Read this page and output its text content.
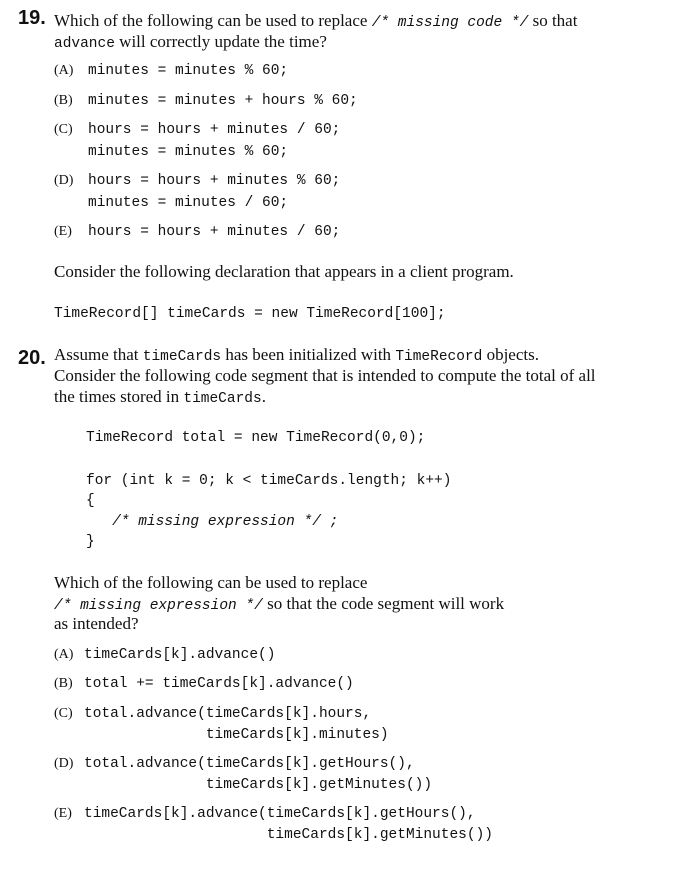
19. Which of the following can be used to replace /* missing code */ so that
advance will correctly update the time?
(A) minutes = minutes % 60;
(B) minutes = minutes + hours % 60;
(C) hours = hours + minutes / 60;
minutes = minutes % 60;
(D) hours = hours + minutes % 60;
minutes = minutes / 60;
(E) hours = hours + minutes / 60;
Consider the following declaration that appears in a client program.
TimeRecord[] timeCards = new TimeRecord[100];
20. Assume that timeCards has been initialized with TimeRecord objects.
Consider the following code segment that is intended to compute the total of all
the times stored in timeCards.
TimeRecord total = new TimeRecord(0,0);
for (int k = 0; k < timeCards.length; k++)
{
/* missing expression */ ;
}
Which of the following can be used to replace
/* missing expression */ so that the code segment will work
as intended?
(A) timeCards[k].advance()
(B) total += timeCards[k].advance()
(C) total.advance(timeCards[k].hours,
timeCards[k].minutes)
(D) total.advance(timeCards[k].getHours(),
timeCards[k].getMinutes())
(E) timeCards[k].advance(timeCards[k].getHours(),
timeCards[k].getMinutes())
